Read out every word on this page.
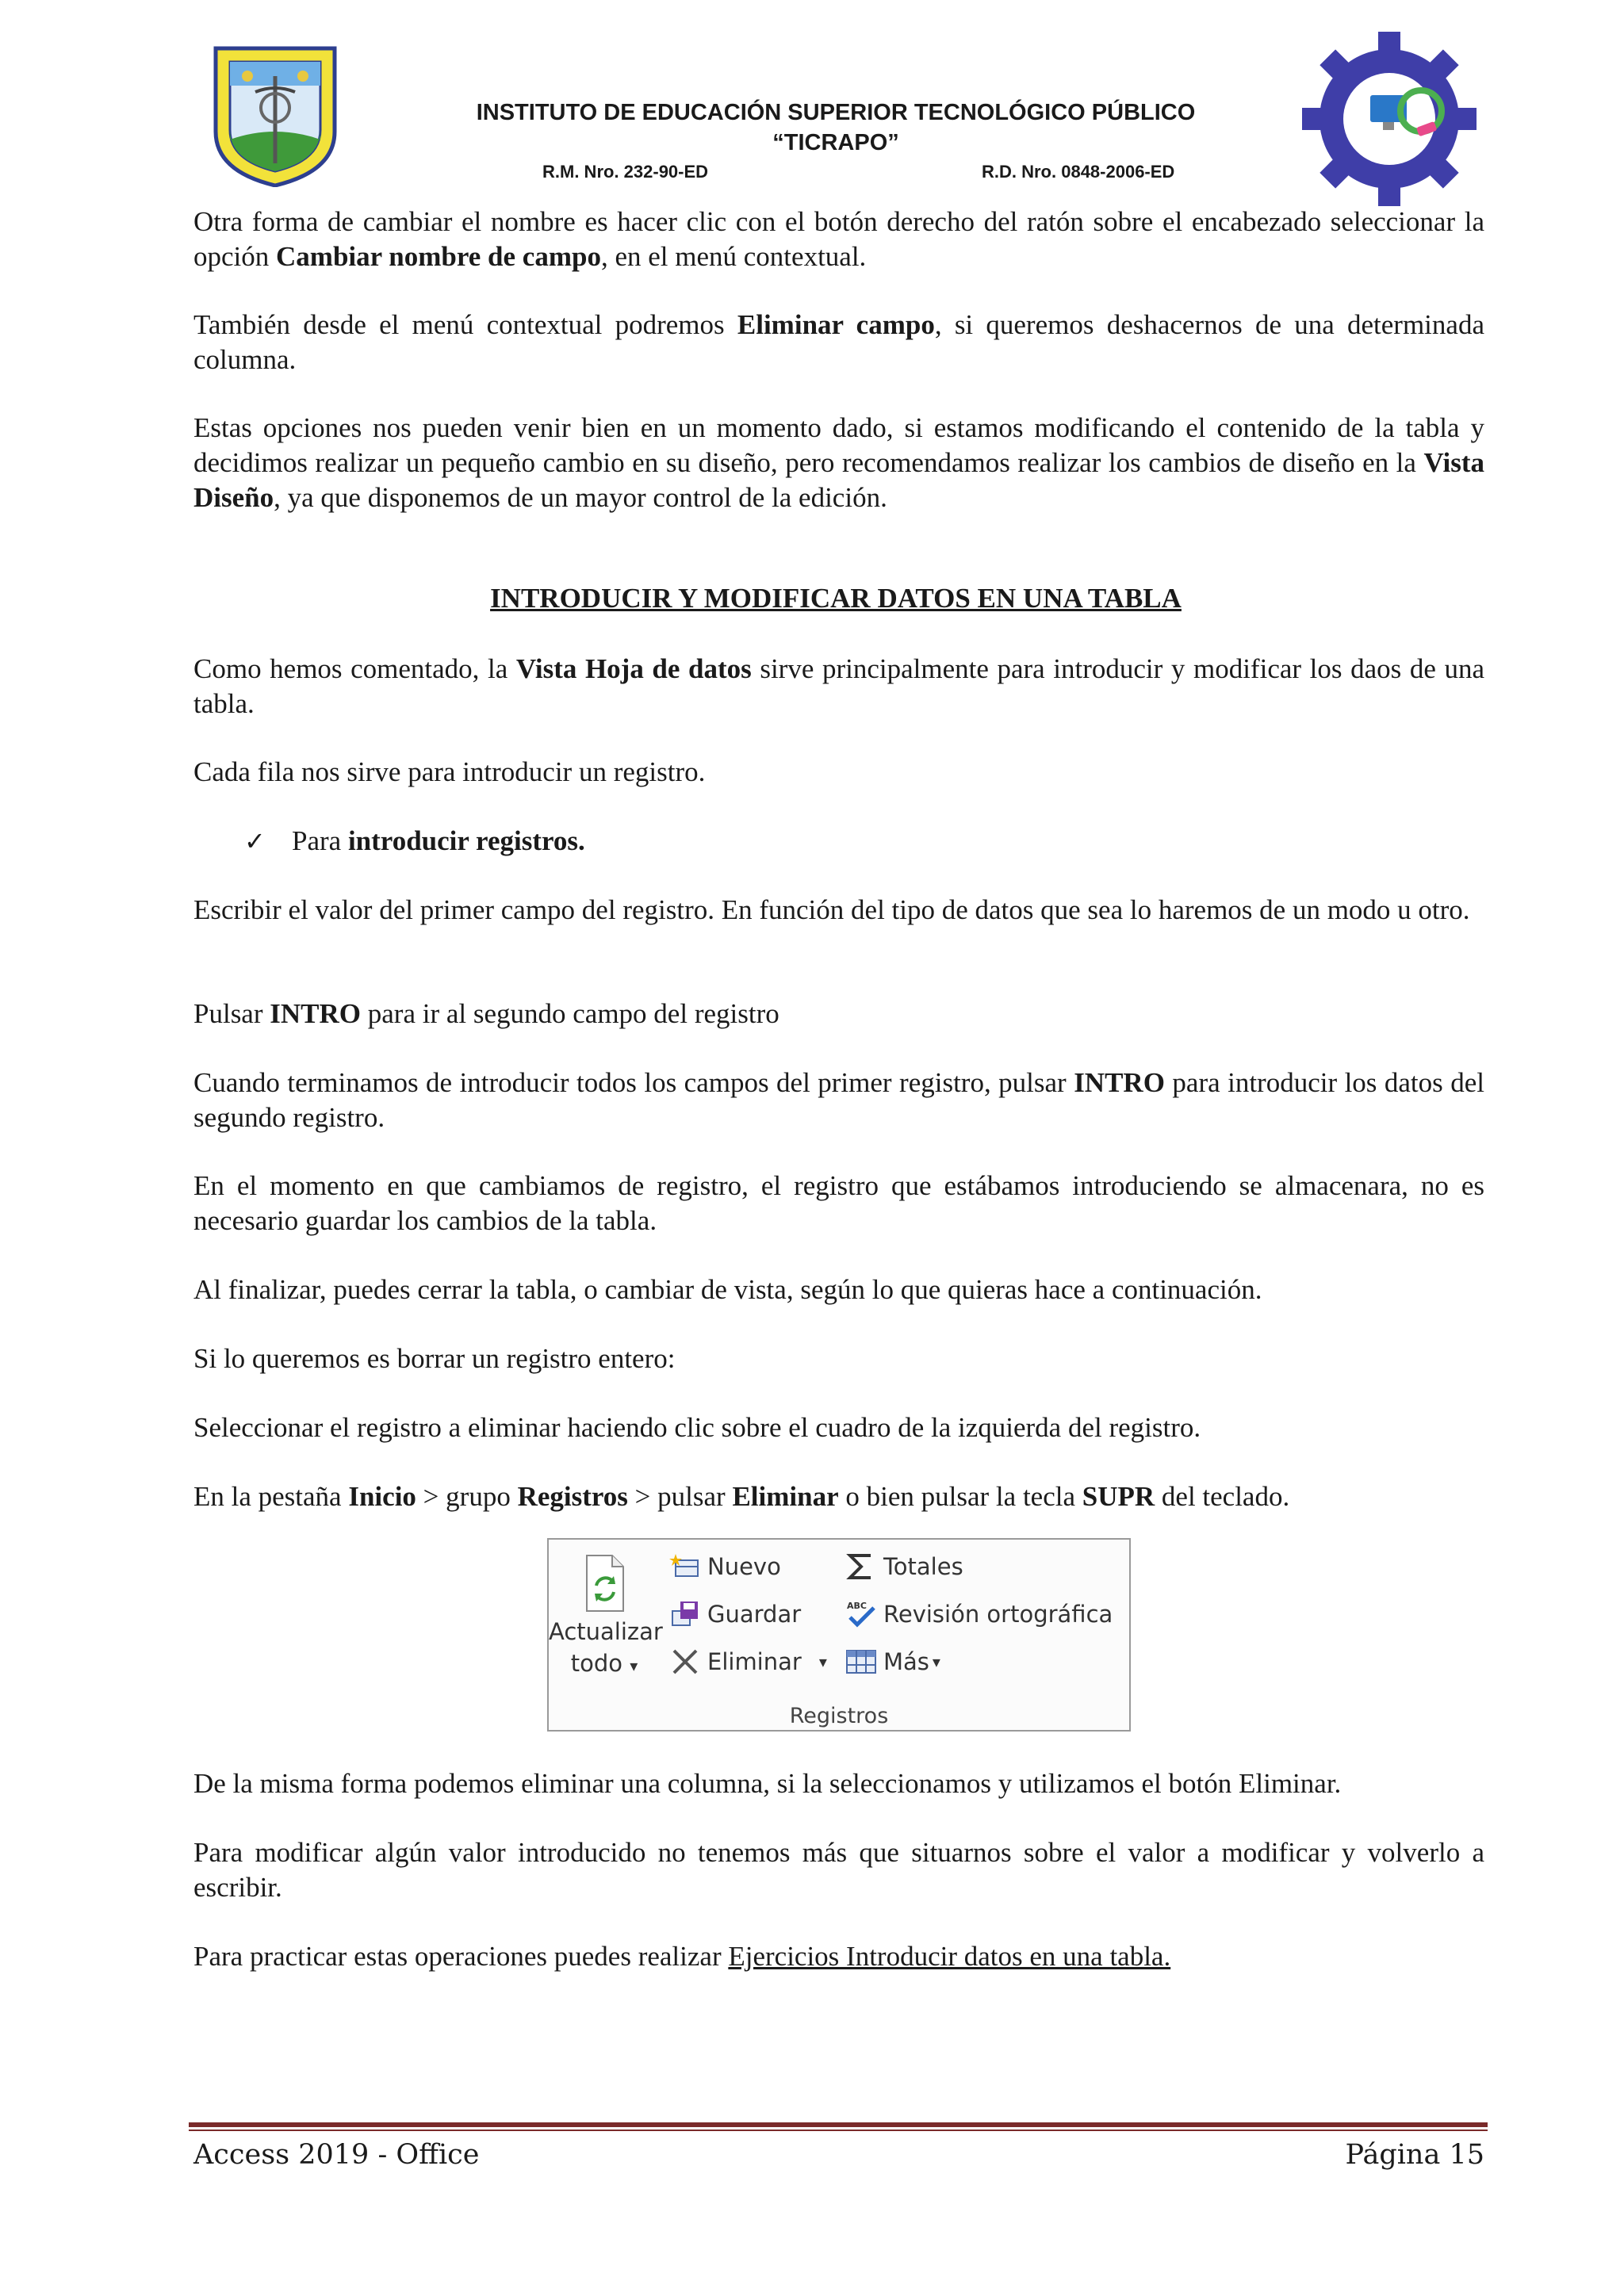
INSTITUTO DE EDUCACIÓN SUPERIOR TECNOLÓGICO PÚBLICO
“TICRAPO”
R.M. Nro. 232-90-ED	R.D. Nro. 0848-2006-ED
Otra forma de cambiar el nombre es hacer clic con el botón derecho del ratón sobre el encabezado seleccionar la opción Cambiar nombre de campo, en el menú contextual.
También desde el menú contextual podremos Eliminar campo, si queremos deshacernos de una determinada columna.
Estas opciones nos pueden venir bien en un momento dado, si estamos modificando el contenido de la tabla y decidimos realizar un pequeño cambio en su diseño, pero recomendamos realizar los cambios de diseño en la Vista Diseño, ya que disponemos de un mayor control de la edición.
INTRODUCIR Y MODIFICAR DATOS EN UNA TABLA
Como hemos comentado, la Vista Hoja de datos sirve principalmente para introducir y modificar los daos de una tabla.
Cada fila nos sirve para introducir un registro.
✓ Para introducir registros.
Escribir el valor del primer campo del registro. En función del tipo de datos que sea lo haremos de un modo u otro.
Pulsar INTRO para ir al segundo campo del registro
Cuando terminamos de introducir todos los campos del primer registro, pulsar INTRO para introducir los datos del segundo registro.
En el momento en que cambiamos de registro, el registro que estábamos introduciendo se almacenara, no es necesario guardar los cambios de la tabla.
Al finalizar, puedes cerrar la tabla, o cambiar de vista, según lo que quieras hace a continuación.
Si lo queremos es borrar un registro entero:
Seleccionar el registro a eliminar haciendo clic sobre el cuadro de la izquierda del registro.
En la pestaña Inicio > grupo Registros > pulsar Eliminar o bien pulsar la tecla SUPR del teclado.
Actualizar
todo ▾
Nuevo
Guardar
Eliminar ▾
Totales
ABC Revisión ortográfica
Más ▾
Registros
De la misma forma podemos eliminar una columna, si la seleccionamos y utilizamos el botón Eliminar.
Para modificar algún valor introducido no tenemos más que situarnos sobre el valor a modificar y volverlo a escribir.
Para practicar estas operaciones puedes realizar Ejercicios Introducir datos en una tabla.
Access 2019 - Office	Página 15
